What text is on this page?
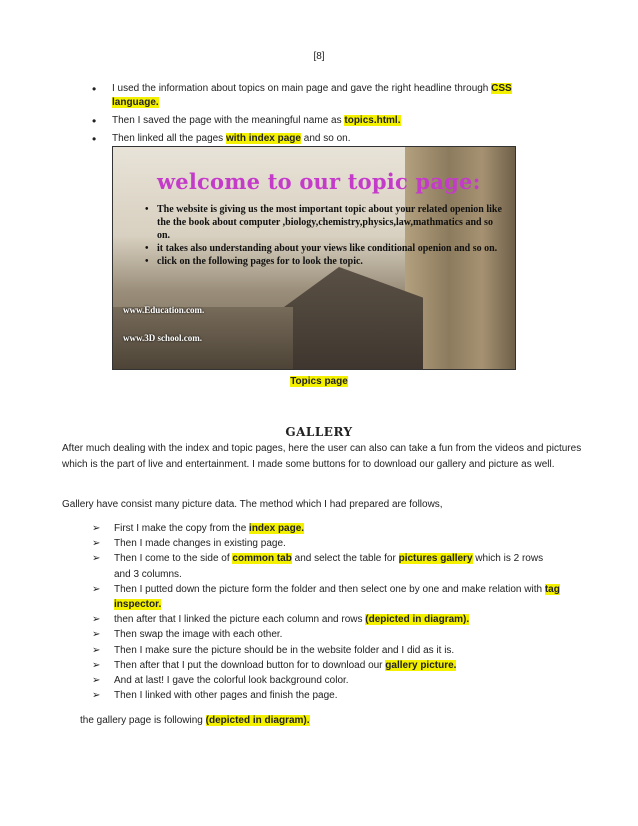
[8]
• I used the information about topics on main page and gave the right headline through CSS language.
• Then I saved the page with the meaningful name as topics.html.
• Then linked all the pages with index page and so on.
welcome to our topic page:
• The website is giving us the most important topic about your related openion like the the book about computer ,biology,chemistry,physics,law,mathmatics and so on.
• it takes also understanding about your views like conditional openion and so on.
• click on the following pages for to look the topic.
www.Education.com.
www.3D school.com.
Topics page
GALLERY

After much dealing with the index and topic pages, here the user can also can take a fun from the videos and pictures which is the part of live and entertainment. I made some buttons for to download our gallery and picture as well.

Gallery have consist many picture data. The method which I had prepared are follows,

➢ First I make the copy from the index page.
➢ Then I made changes in existing page.
➢ Then I come to the side of common tab and select the table for pictures gallery which is 2 rows and 3 columns.
➢ Then I putted down the picture form the folder and then select one by one and make relation with tag inspector.
➢ then after that I linked the picture each column and rows (depicted in diagram).
➢ Then swap the image with each other.
➢ Then I make sure the picture should be in the website folder and I did as it is.
➢ Then after that I put the download button for to download our gallery picture.
➢ And at last! I gave the colorful look background color.
➢ Then I linked with other pages and finish the page.
the gallery page is following (depicted in diagram).
